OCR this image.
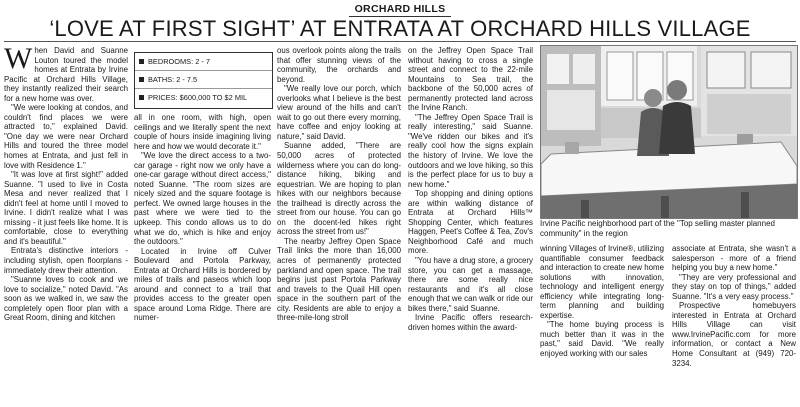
ORCHARD HILLS
‘LOVE AT FIRST SIGHT’ AT ENTRATA AT ORCHARD HILLS VILLAGE
W hen David and Suanne Louton toured the model homes at Entrata by Irvine Pacific at Orchard Hills Village, they instantly realized their search for a new home was over.

"We were looking at condos, and couldn't find places we were attracted to," explained David. "One day we were near Orchard Hills and toured the three model homes at Entrata, and just fell in love with Residence 1."

"It was love at first sight!" added Suanne. "I used to live in Costa Mesa and never realized that I didn't feel at home until I moved to Irvine. I didn't realize what I was missing - it just feels like home. It is comfortable, close to everything and it's beautiful."

Entrata's distinctive interiors - including stylish, open floorplans - immediately drew their attention.

"Suanne loves to cook and we love to socialize," noted David. "As soon as we walked in, we saw the completely open floor plan with a Great Room, dining and kitchen

BEDROOMS: 2 - 7
BATHS: 2 - 7.5
PRICES: $600,000 TO $2 MIL

all in one room, with high, open ceilings and we literally spent the next couple of hours inside imagining living here and how we would decorate it."

"We love the direct access to a two-car garage - right now we only have a one-car garage without direct access," noted Suanne. "The room sizes are nicely sized and the square footage is perfect. We owned large houses in the past where we were tied to the upkeep. This condo allows us to do what we do, which is hike and enjoy the outdoors."

Located in Irvine off Culver Boulevard and Portola Parkway, Entrata at Orchard Hills is bordered by miles of trails and paseos which loop around and connect to a trail that provides access to the greater open space around Loma Ridge. There are numer-

ous overlook points along the trails that offer stunning views of the community, the orchards and beyond.

"We really love our porch, which overlooks what I believe is the best view around of the hills and can't wait to go out there every morning, have coffee and enjoy looking at nature," said David.

Suanne added, "There are 50,000 acres of protected wilderness where you can do long-distance hiking, biking and equestrian. We are hoping to plan hikes with our neighbors because the trailhead is directly across the street from our house. You can go on the docent-led hikes right across the street from us!"

The nearby Jeffrey Open Space Trail links the more than 16,000 acres of permanently protected parkland and open space. The trail begins just past Portola Parkway and travels to the Quail Hill open space in the southern part of the city. Residents are able to enjoy a three-mile-long stroll

on the Jeffrey Open Space Trail without having to cross a single street and connect to the 22-mile Mountains to Sea trail, the backbone of the 50,000 acres of permanently protected land across the Irvine Ranch.

"The Jeffrey Open Space Trail is really interesting," said Suanne. "We've ridden our bikes and it's really cool how the signs explain the history of Irvine. We love the outdoors and we love hiking, so this is the perfect place for us to buy a new home."

Top shopping and dining options are within walking distance of Entrata at Orchard Hills™ Shopping Center, which features Haggen, Peet's Coffee & Tea, Zov's Neighborhood Café and much more.

"You have a drug store, a grocery store, you can get a massage, there are some really nice restaurants and it's all close enough that we can walk or ride our bikes there," said Suanne.

Irvine Pacific offers research-driven homes within the award-

Irvine Pacific neighborhood part of the "Top selling master planned community" in the region

winning Villages of Irvine®, utilizing quantifiable consumer feedback and interaction to create new home solutions with innovation, technology and intelligent energy efficiency while integrating long-term planning and building expertise.

"The home buying process is much better than it was in the past," said David. "We really enjoyed working with our sales

associate at Entrata, she wasn't a salesperson - more of a friend helping you buy a new home."

"They are very professional and they stay on top of things," added Suanne. "It's a very easy process."

Prospective homebuyers interested in Entrata at Orchard Hills Village can visit www.IrvinePacific.com for more information, or contact a New Home Consultant at (949) 720-3234.
